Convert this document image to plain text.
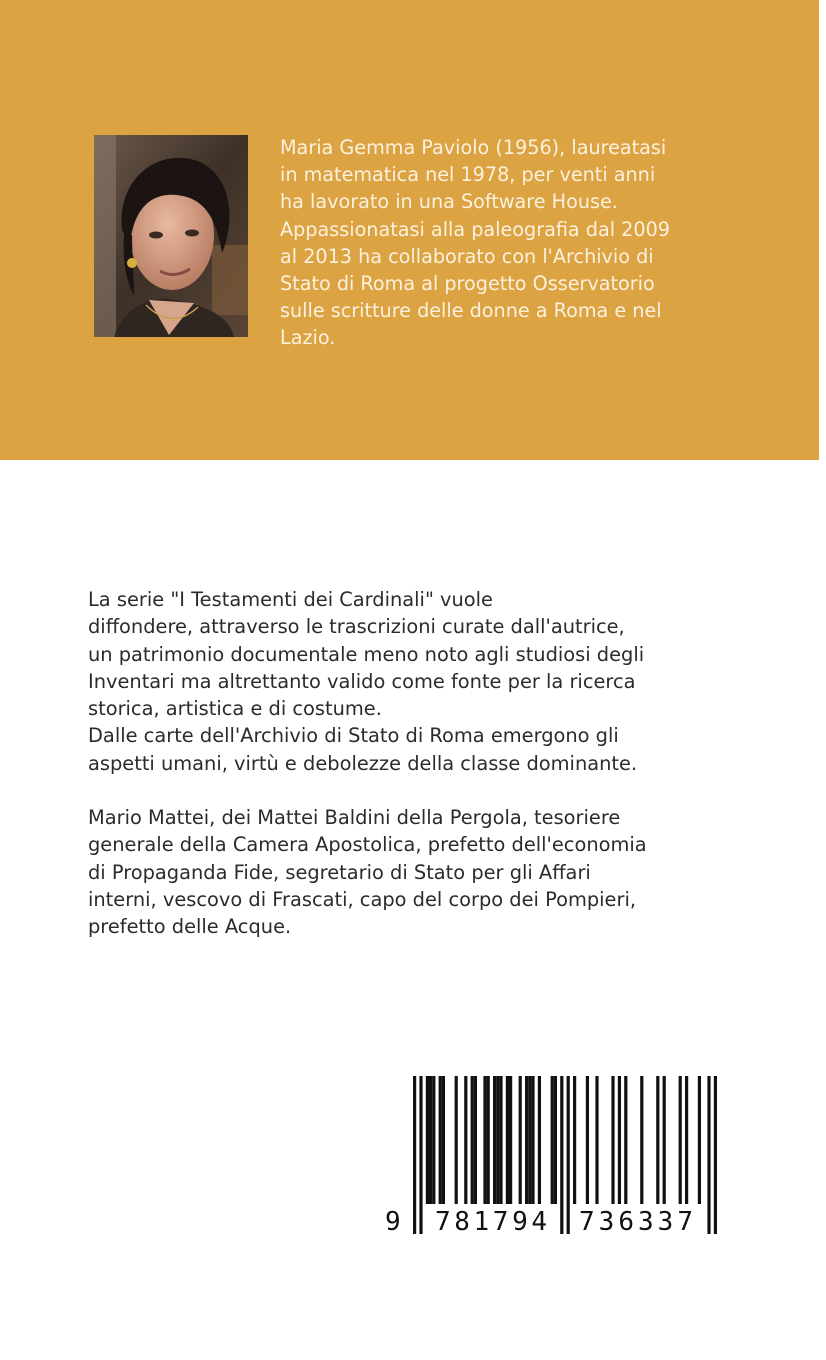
Maria Gemma Paviolo (1956), laureatasi
in matematica nel 1978, per venti anni
ha lavorato in una Software House.
Appassionatasi alla paleografia dal 2009
al 2013 ha collaborato con l'Archivio di
Stato di Roma al progetto Osservatorio
sulle scritture delle donne a Roma e nel
Lazio.

La serie "I Testamenti dei Cardinali" vuole
diffondere, attraverso le trascrizioni curate dall'autrice,
un patrimonio documentale meno noto agli studiosi degli
Inventari ma altrettanto valido come fonte per la ricerca
storica, artistica e di costume.
Dalle carte dell'Archivio di Stato di Roma emergono gli
aspetti umani, virtù e debolezze della classe dominante.

Mario Mattei, dei Mattei Baldini della Pergola, tesoriere
generale della Camera Apostolica, prefetto dell'economia
di Propaganda Fide, segretario di Stato per gli Affari
interni, vescovo di Frascati, capo del corpo dei Pompieri,
prefetto delle Acque.

9 781794 736337
